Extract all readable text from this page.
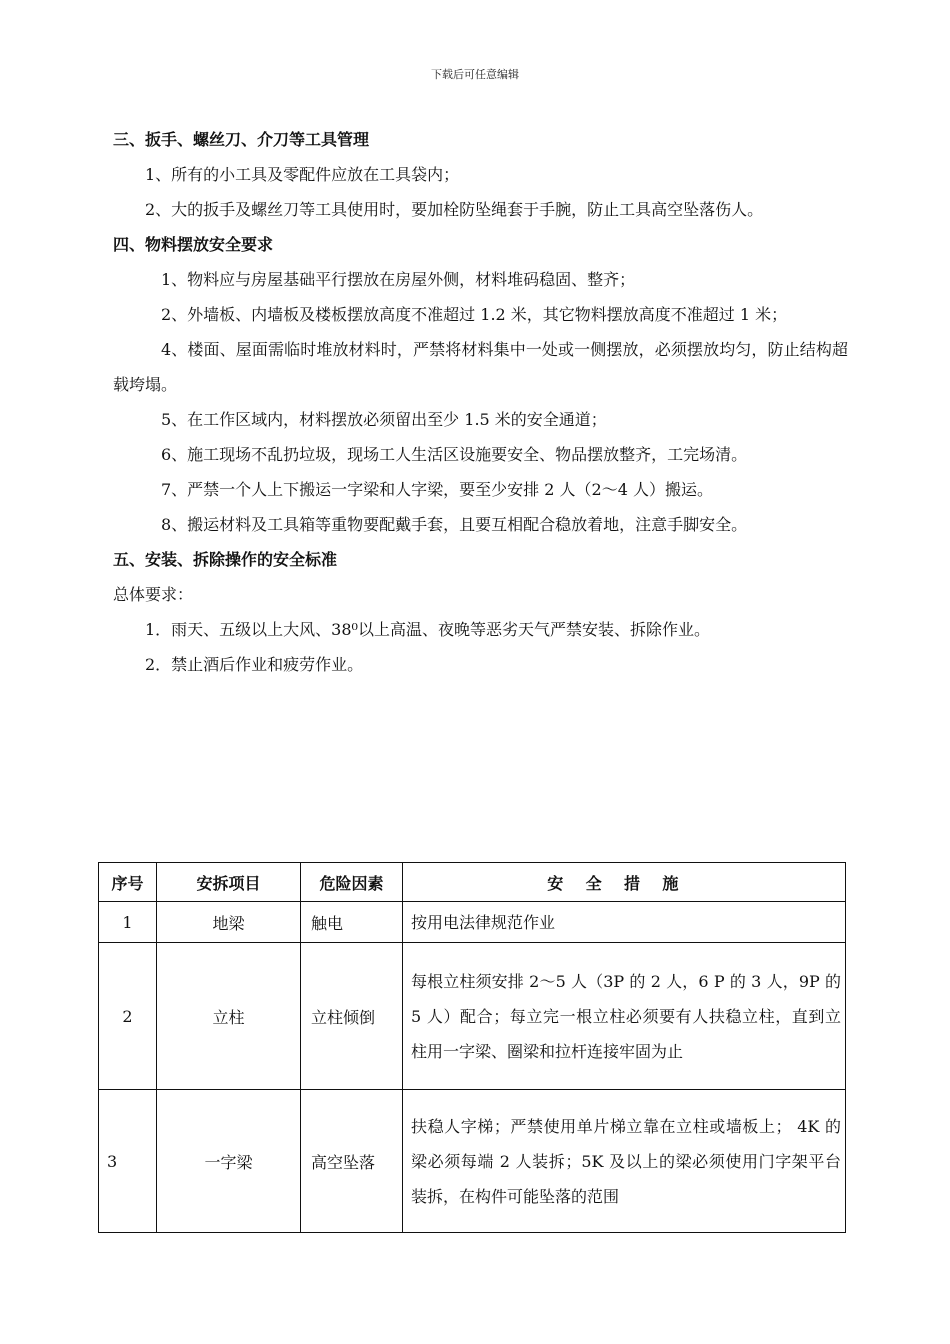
下载后可任意编辑
三、扳手、螺丝刀、介刀等工具管理
1、所有的小工具及零配件应放在工具袋内；
2、大的扳手及螺丝刀等工具使用时，要加栓防坠绳套于手腕，防止工具高空坠落伤人。
四、物料摆放安全要求
1、物料应与房屋基础平行摆放在房屋外侧，材料堆码稳固、整齐；
2、外墙板、内墙板及楼板摆放高度不准超过 1.2 米，其它物料摆放高度不准超过 1 米；
4、楼面、屋面需临时堆放材料时，严禁将材料集中一处或一侧摆放，必须摆放均匀，防止结构超载垮塌。
5、在工作区域内，材料摆放必须留出至少 1.5 米的安全通道；
6、施工现场不乱扔垃圾，现场工人生活区设施要安全、物品摆放整齐，工完场清。
7、严禁一个人上下搬运一字梁和人字梁，要至少安排 2 人（2～4 人）搬运。
8、搬运材料及工具箱等重物要配戴手套，且要互相配合稳放着地，注意手脚安全。
五、安装、拆除操作的安全标准
总体要求：
1．雨天、五级以上大风、38⁰以上高温、夜晚等恶劣天气严禁安装、拆除作业。
2．禁止酒后作业和疲劳作业。
序号	安拆项目	危险因素	安全措施
1	地梁	触电	按用电法律规范作业
2	立柱	立柱倾倒	每根立柱须安排 2～5 人（3P 的 2 人，6 P 的 3 人，9P 的 5 人）配合；每立完一根立柱必须要有人扶稳立柱，直到立柱用一字梁、圈梁和拉杆连接牢固为止
3	一字梁	高空坠落	扶稳人字梯；严禁使用单片梯立靠在立柱或墙板上； 4K 的梁必须每端 2 人装拆；5K 及以上的梁必须使用门字架平台装拆，在构件可能坠落的范围
